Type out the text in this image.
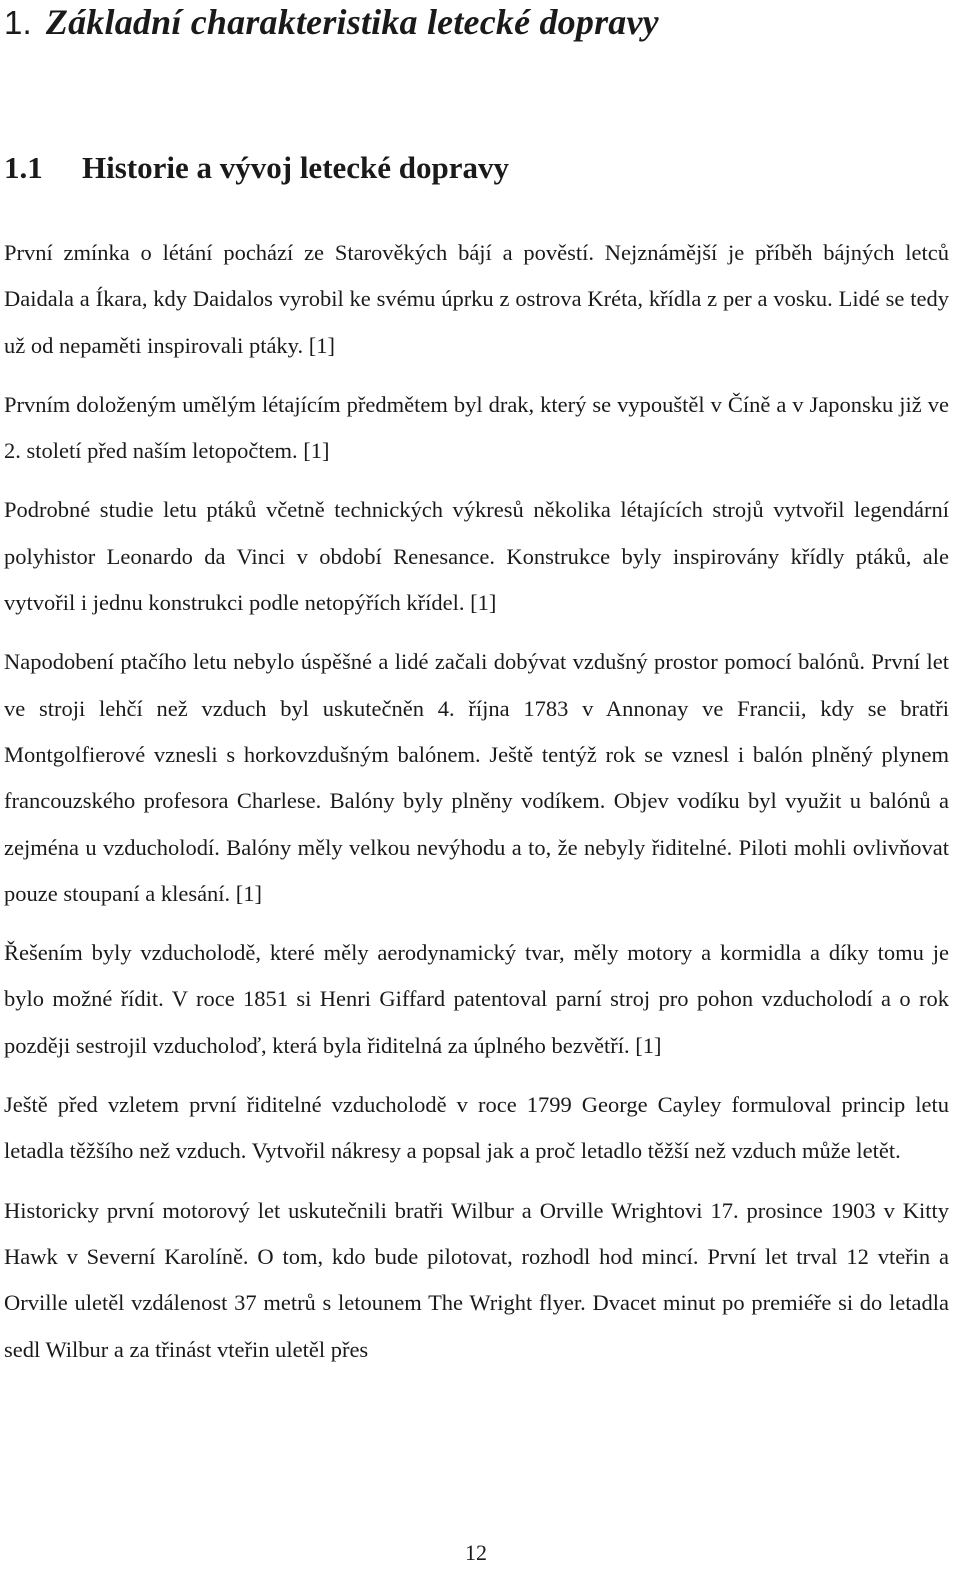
1. Základní charakteristika letecké dopravy
1.1 Historie a vývoj letecké dopravy

První zmínka o létání pochází ze Starověkých bájí a pověstí. Nejznámější je příběh bájných letců Daidala a Íkara, kdy Daidalos vyrobil ke svému úprku z ostrova Kréta, křídla z per a vosku. Lidé se tedy už od nepaměti inspirovali ptáky. [1]

Prvním doloženým umělým létajícím předmětem byl drak, který se vypouštěl v Číně a v Japonsku již ve 2. století před naším letopočtem. [1]

Podrobné studie letu ptáků včetně technických výkresů několika létajících strojů vytvořil legendární polyhistor Leonardo da Vinci v období Renesance. Konstrukce byly inspirovány křídly ptáků, ale vytvořil i jednu konstrukci podle netopýřích křídel. [1]

Napodobení ptačího letu nebylo úspěšné a lidé začali dobývat vzdušný prostor pomocí balónů. První let ve stroji lehčí než vzduch byl uskutečněn 4. října 1783 v Annonay ve Francii, kdy se bratři Montgolfierové vznesli s horkovzdušným balónem. Ještě tentýž rok se vznesl i balón plněný plynem francouzského profesora Charlese. Balóny byly plněny vodíkem. Objev vodíku byl využit u balónů a zejména u vzducholodí. Balóny měly velkou nevýhodu a to, že nebyly řiditelné. Piloti mohli ovlivňovat pouze stoupaní a klesání. [1]

Řešením byly vzducholodě, které měly aerodynamický tvar, měly motory a kormidla a díky tomu je bylo možné řídit. V roce 1851 si Henri Giffard patentoval parní stroj pro pohon vzducholodí a o rok později sestrojil vzducholoď, která byla řiditelná za úplného bezvětří. [1]

Ještě před vzletem první řiditelné vzducholodě v roce 1799 George Cayley formuloval princip letu letadla těžšího než vzduch. Vytvořil nákresy a popsal jak a proč letadlo těžší než vzduch může letět.

Historicky první motorový let uskutečnili bratři Wilbur a Orville Wrightovi 17. prosince 1903 v Kitty Hawk v Severní Karolíně. O tom, kdo bude pilotovat, rozhodl hod mincí. První let trval 12 vteřin a Orville uletěl vzdálenost 37 metrů s letounem The Wright flyer. Dvacet minut po premiéře si do letadla sedl Wilbur a za třinást vteřin uletěl přes

12
